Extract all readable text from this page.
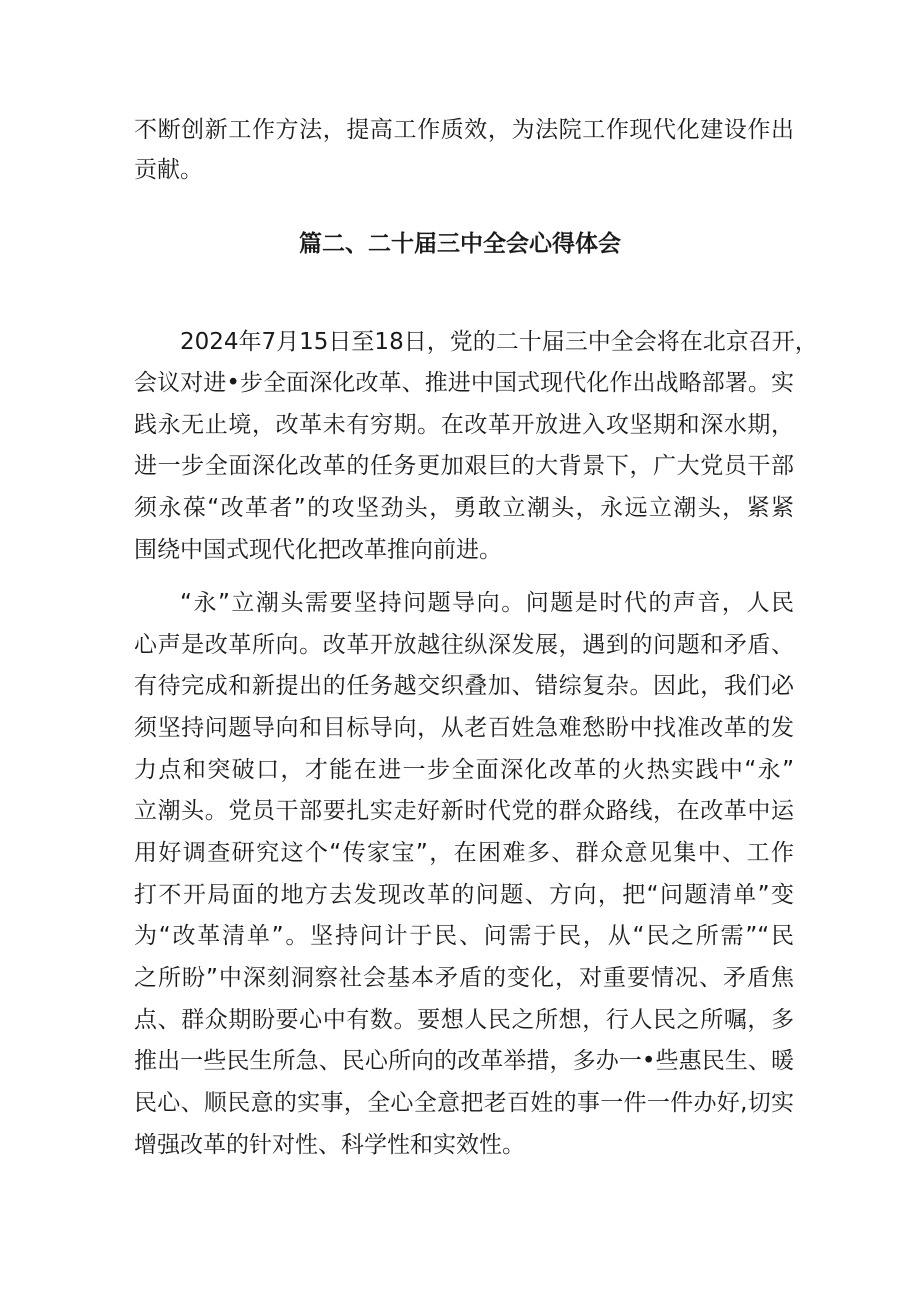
不断创新工作方法，提高工作质效，为法院工作现代化建设作出
贡献。
篇二、二十届三中全会心得体会
2024年7月15日至18日，党的二十届三中全会将在北京召开，
会议对进•步全面深化改革、推进中国式现代化作出战略部署。实
践永无止境，改革未有穷期。在改革开放进入攻坚期和深水期，
进一步全面深化改革的任务更加艰巨的大背景下，广大党员干部
须永葆“改革者”的攻坚劲头，勇敢立潮头，永远立潮头，紧紧
围绕中国式现代化把改革推向前进。
“永”立潮头需要坚持问题导向。问题是时代的声音，人民
心声是改革所向。改革开放越往纵深发展，遇到的问题和矛盾、
有待完成和新提出的任务越交织叠加、错综复杂。因此，我们必
须坚持问题导向和目标导向，从老百姓急难愁盼中找准改革的发
力点和突破口，才能在进一步全面深化改革的火热实践中“永”
立潮头。党员干部要扎实走好新时代党的群众路线，在改革中运
用好调查研究这个“传家宝”，在困难多、群众意见集中、工作
打不开局面的地方去发现改革的问题、方向，把“问题清单”变
为“改革清单”。坚持问计于民、问需于民，从“民之所需”“民
之所盼”中深刻洞察社会基本矛盾的变化，对重要情况、矛盾焦
点、群众期盼要心中有数。要想人民之所想，行人民之所嘱，多
推出一些民生所急、民心所向的改革举措，多办一•些惠民生、暖
民心、顺民意的实事，全心全意把老百姓的事一件一件办好,切实
增强改革的针对性、科学性和实效性。
